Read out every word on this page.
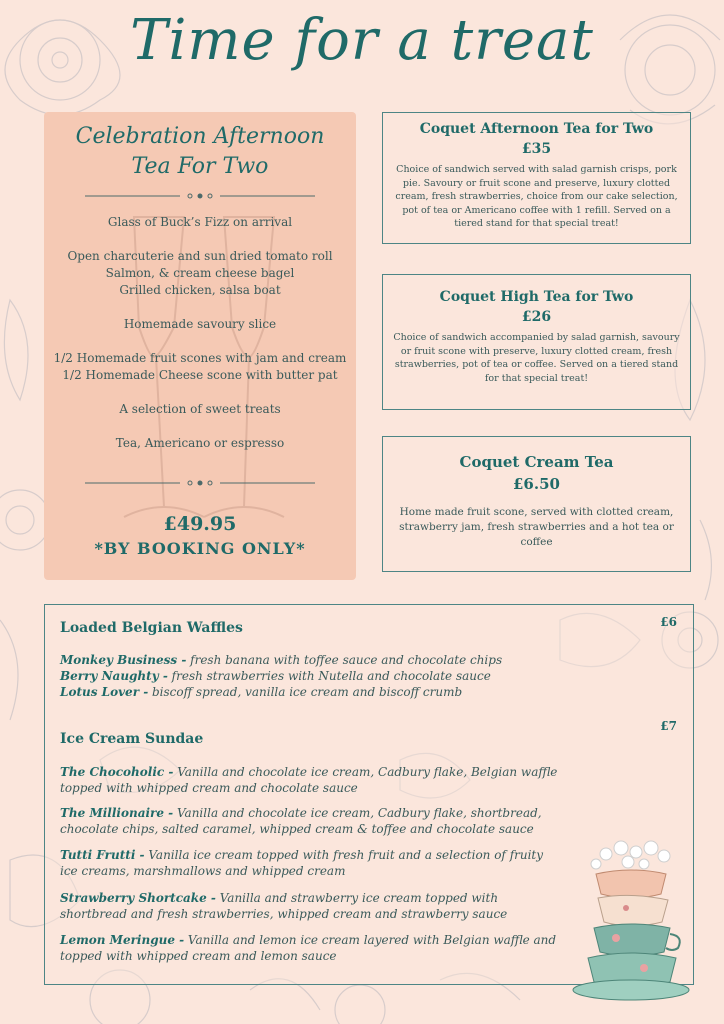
Time for a treat
Celebration Afternoon
Tea For Two

Glass of Buck’s Fizz on arrival

Open charcuterie and sun dried tomato roll
Salmon, & cream cheese bagel
Grilled chicken, salsa boat

Homemade savoury slice

1/2 Homemade fruit scones with jam and cream
1/2 Homemade Cheese scone with butter pat

A selection of sweet treats

Tea, Americano or espresso

£49.95
*BY BOOKING ONLY*
Coquet Afternoon Tea for Two
£35
Choice of sandwich served with salad garnish crisps, pork pie. Savoury or fruit scone and preserve, luxury clotted cream, fresh strawberries, choice from our cake selection, pot of tea or Americano coffee with 1 refill. Served on a tiered stand for that special treat!
Coquet High Tea for Two
£26
Choice of sandwich accompanied by salad garnish, savoury or fruit scone with preserve, luxury clotted cream, fresh strawberries, pot of tea or coffee. Served on a tiered stand for that special treat!
Coquet Cream Tea
£6.50
Home made fruit scone, served with clotted cream, strawberry jam, fresh strawberries and a hot tea or coffee
Loaded Belgian Waffles	£6
Monkey Business - fresh banana with toffee sauce and chocolate chips
Berry Naughty - fresh strawberries with Nutella and chocolate sauce
Lotus Lover - biscoff spread, vanilla ice cream and biscoff crumb
Ice Cream Sundae
£7
The Chocoholic - Vanilla and chocolate ice cream, Cadbury flake, Belgian waffle topped with whipped cream and chocolate sauce
The Millionaire - Vanilla and chocolate ice cream, Cadbury flake, shortbread, chocolate chips, salted caramel, whipped cream & toffee and chocolate sauce
Tutti Frutti - Vanilla ice cream topped with fresh fruit and a selection of fruity ice creams, marshmallows and whipped cream
Strawberry Shortcake - Vanilla and strawberry ice cream topped with shortbread and fresh strawberries, whipped cream and strawberry sauce
Lemon Meringue - Vanilla and lemon ice cream layered with Belgian waffle and topped with whipped cream and lemon sauce
